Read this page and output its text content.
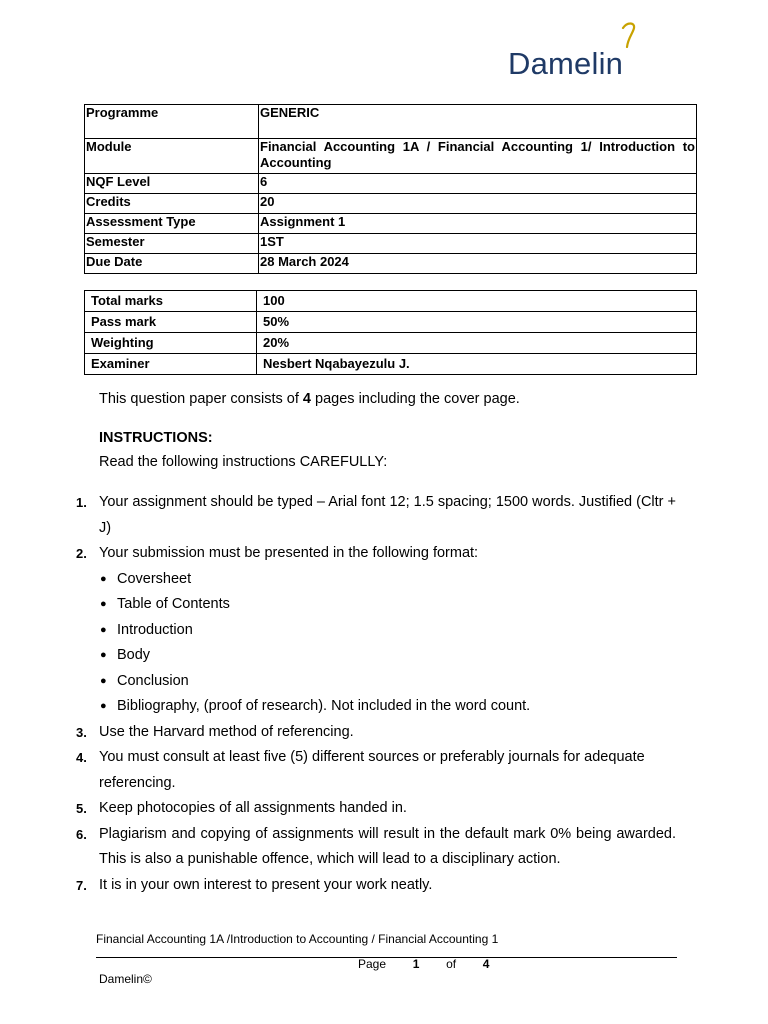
Damelin
Programme	GENERIC
Module	Financial Accounting 1A / Financial Accounting 1/ Introduction to Accounting
NQF Level	6
Credits	20
Assessment Type	Assignment 1
Semester	1ST
Due Date	28 March 2024
Total marks	100
Pass mark	50%
Weighting	20%
Examiner	Nesbert Nqabayezulu J.
This question paper consists of 4 pages including the cover page.
INSTRUCTIONS:
Read the following instructions CAREFULLY:
1. Your assignment should be typed – Arial font 12; 1.5 spacing; 1500 words. Justified (Cltr + J)
2. Your submission must be presented in the following format:
● Coversheet
● Table of Contents
● Introduction
● Body
● Conclusion
● Bibliography, (proof of research). Not included in the word count.
3. Use the Harvard method of referencing.
4. You must consult at least five (5) different sources or preferably journals for adequate referencing.
5. Keep photocopies of all assignments handed in.
6. Plagiarism and copying of assignments will result in the default mark 0% being awarded. This is also a punishable offence, which will lead to a disciplinary action.
7. It is in your own interest to present your work neatly.
Financial Accounting 1A /Introduction to Accounting / Financial Accounting 1
Page 1 of 4
Damelin©
